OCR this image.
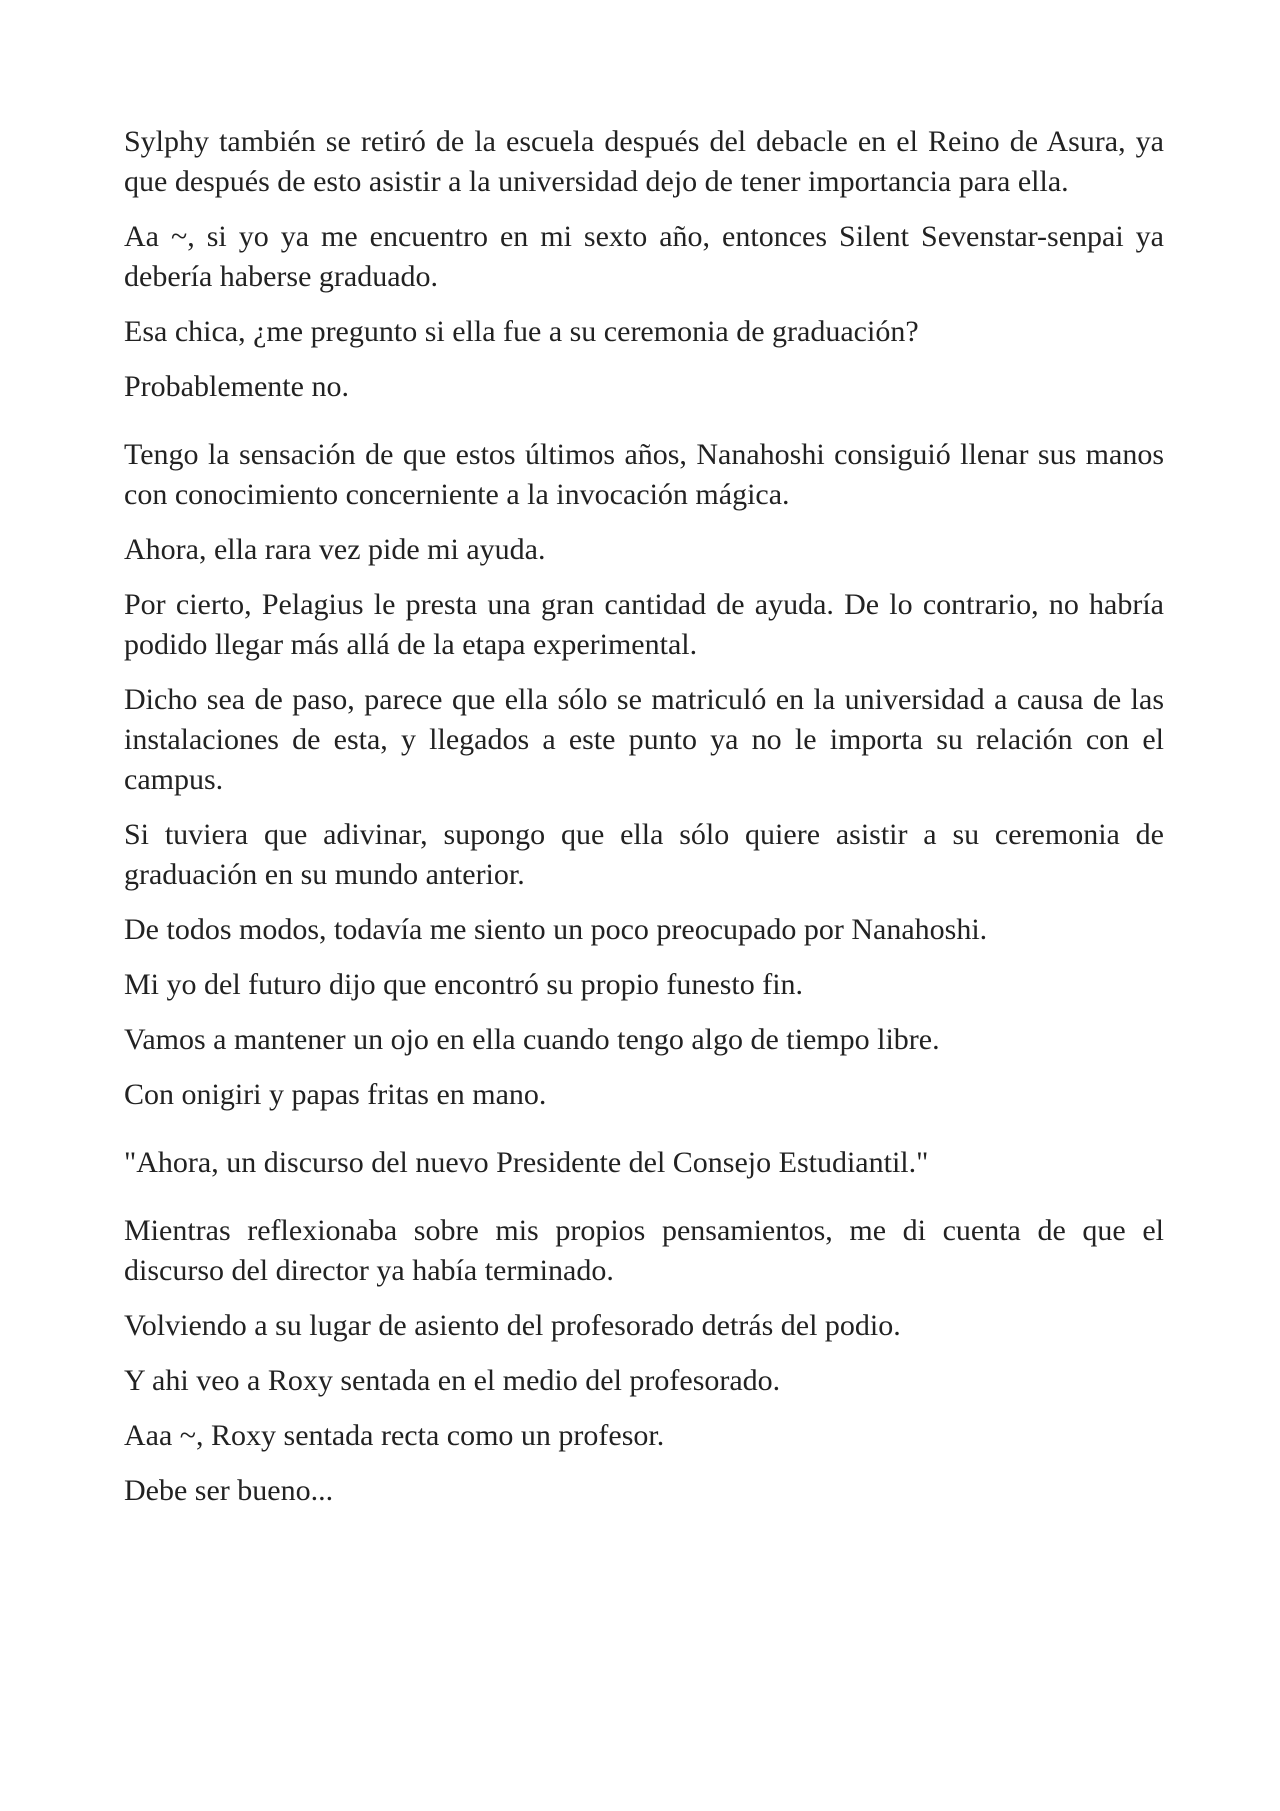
Sylphy también se retiró de la escuela después del debacle en el Reino de Asura, ya que después de esto asistir a la universidad dejo de tener importancia para ella.

Aa ~, si yo ya me encuentro en mi sexto año, entonces Silent Sevenstar-senpai ya debería haberse graduado.

Esa chica, ¿me pregunto si ella fue a su ceremonia de graduación?

Probablemente no.

Tengo la sensación de que estos últimos años, Nanahoshi consiguió llenar sus manos con conocimiento concerniente a la invocación mágica.

Ahora, ella rara vez pide mi ayuda.

Por cierto, Pelagius le presta una gran cantidad de ayuda. De lo contrario, no habría podido llegar más allá de la etapa experimental.

Dicho sea de paso, parece que ella sólo se matriculó en la universidad a causa de las instalaciones de esta, y llegados a este punto ya no le importa su relación con el campus.

Si tuviera que adivinar, supongo que ella sólo quiere asistir a su ceremonia de graduación en su mundo anterior.

De todos modos, todavía me siento un poco preocupado por Nanahoshi.

Mi yo del futuro dijo que encontró su propio funesto fin.

Vamos a mantener un ojo en ella cuando tengo algo de tiempo libre.

Con onigiri y papas fritas en mano.

"Ahora, un discurso del nuevo Presidente del Consejo Estudiantil."

Mientras reflexionaba sobre mis propios pensamientos, me di cuenta de que el discurso del director ya había terminado.

Volviendo a su lugar de asiento del profesorado detrás del podio.

Y ahi veo a Roxy sentada en el medio del profesorado.

Aaa ~, Roxy sentada recta como un profesor.

Debe ser bueno...
